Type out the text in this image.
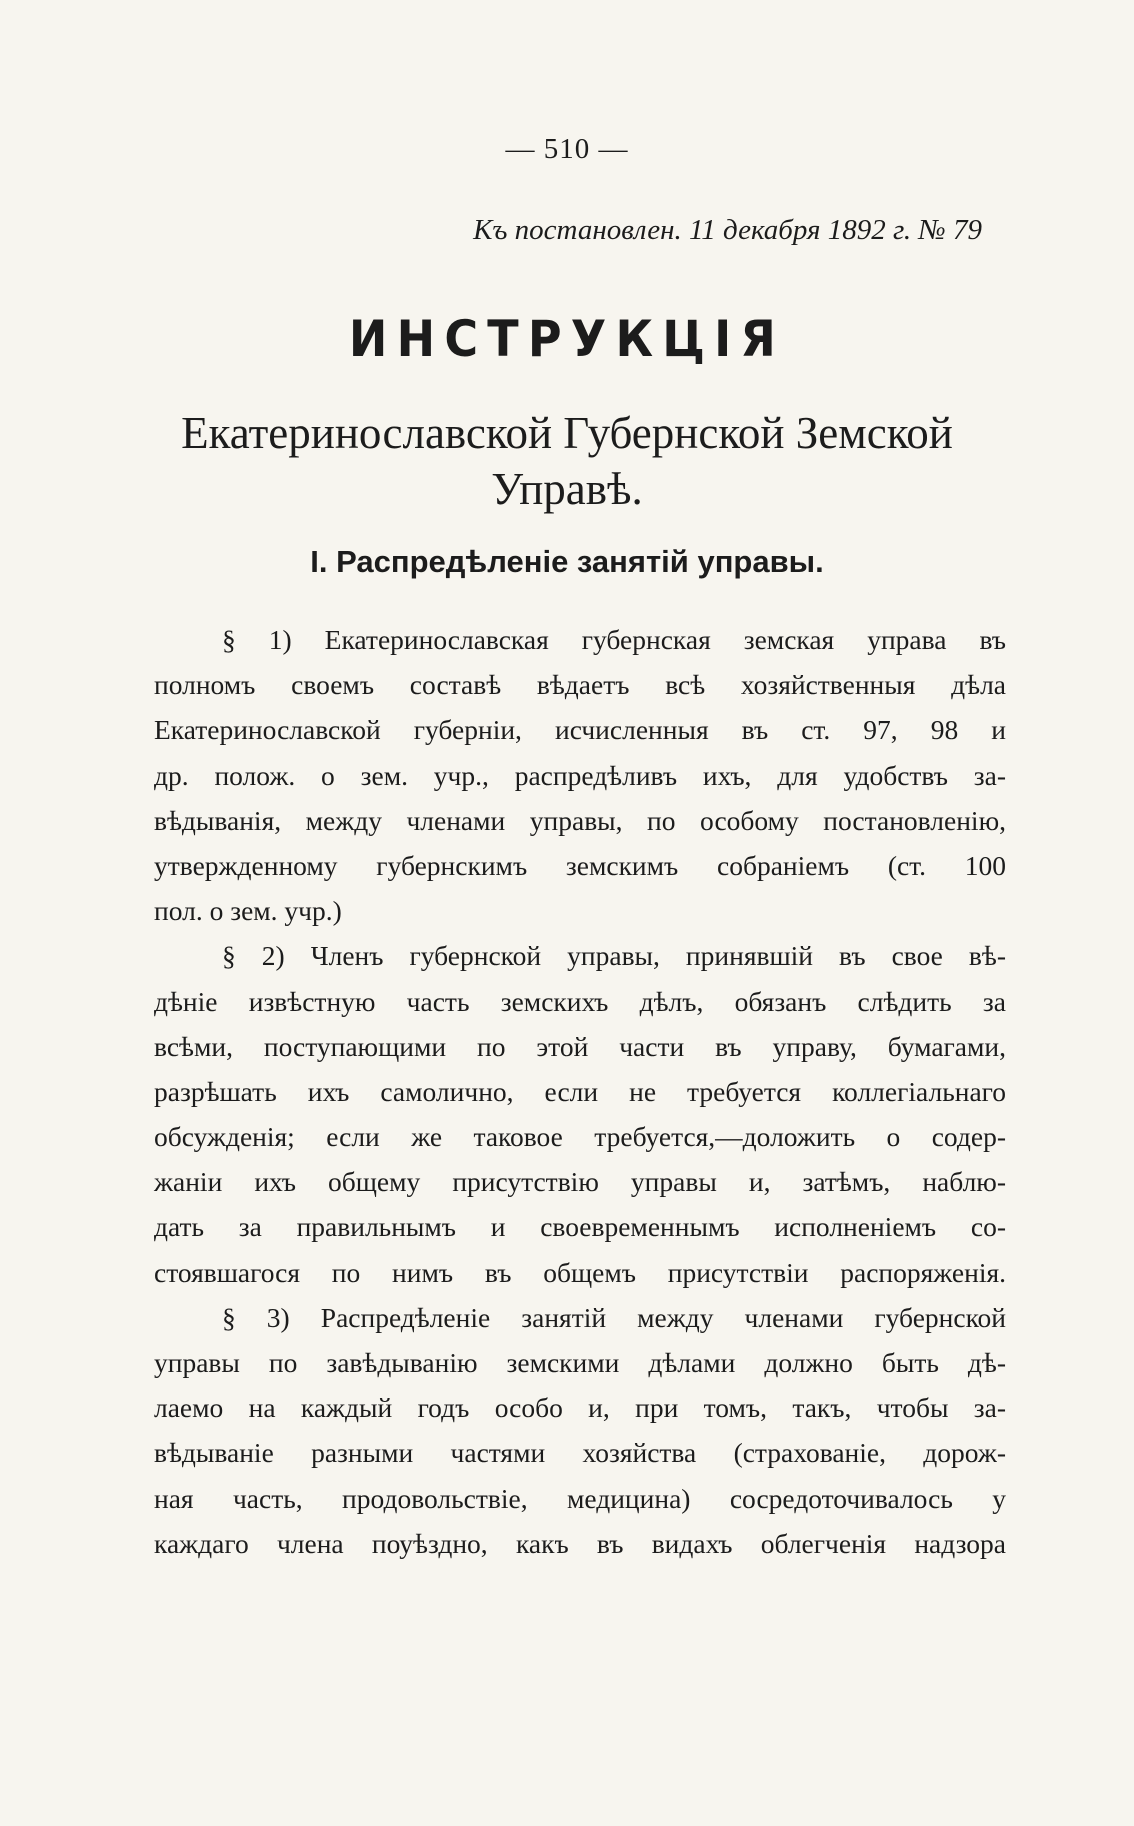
— 510 —
Къ постановлен. 11 декабря 1892 г. № 79
ИНСТРУКЦІЯ
Екатеринославской Губернской Земской
Управѣ.
I. Распредѣленіе занятій управы.
§ 1) Екатеринославская губернская земская управа въ
полномъ своемъ составѣ вѣдаетъ всѣ хозяйственныя дѣла
Екатеринославской губерніи, исчисленныя въ ст. 97, 98 и
др. полож. о зем. учр., распредѣливъ ихъ, для удобствъ за-
вѣдыванія, между членами управы, по особому постановленію,
утвержденному губернскимъ земскимъ собраніемъ (ст. 100
пол. о зем. учр.)
§ 2) Членъ губернской управы, принявшій въ свое вѣ-
дѣніе извѣстную часть земскихъ дѣлъ, обязанъ слѣдить за
всѣми, поступающими по этой части въ управу, бумагами,
разрѣшать ихъ самолично, если не требуется коллегіальнаго
обсужденія; если же таковое требуется,—доложить о содер-
жаніи ихъ общему присутствію управы и, затѣмъ, наблю-
дать за правильнымъ и своевременнымъ исполненіемъ со-
стоявшагося по нимъ въ общемъ присутствіи распоряженія.
§ 3) Распредѣленіе занятій между членами губернской
управы по завѣдыванію земскими дѣлами должно быть дѣ-
лаемо на каждый годъ особо и, при томъ, такъ, чтобы за-
вѣдываніе разными частями хозяйства (страхованіе, дорож-
ная часть, продовольствіе, медицина) сосредоточивалось у
каждаго члена поуѣздно, какъ въ видахъ облегченія надзора
